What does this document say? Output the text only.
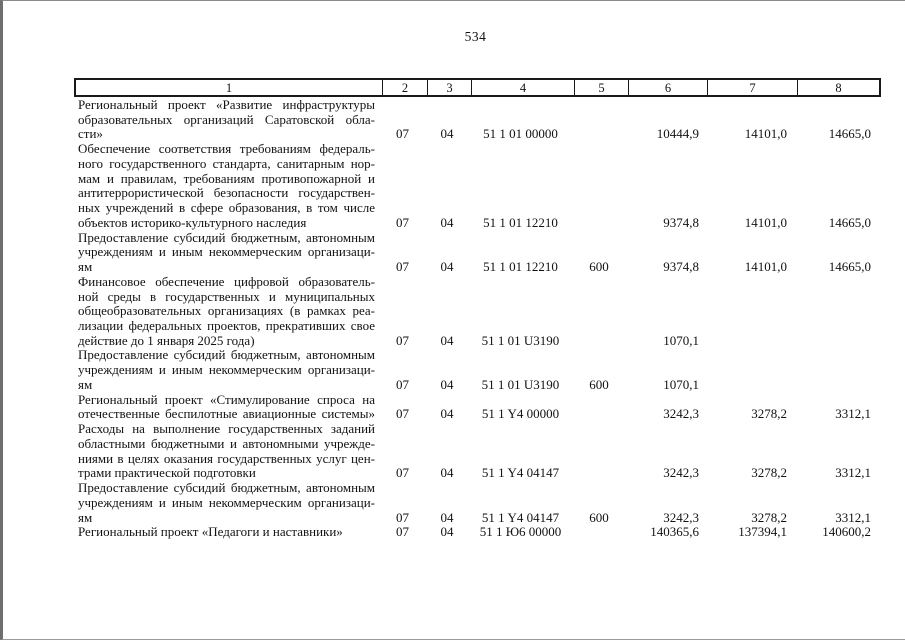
534
1	2	3	4	5	6	7	8
Региональный проект «Развитие инфраструктуры
образовательных организаций Саратовской обла-
сти»	07	04	51 1 01 00000		10444,9	14101,0	14665,0

Обеспечение соответствия требованиям федераль-
ного государственного стандарта, санитарным нор-
мам и правилам, требованиям противопожарной и
антитеррористической безопасности государствен-
ных учреждений в сфере образования, в том числе
объектов историко-культурного наследия	07	04	51 1 01 12210		9374,8	14101,0	14665,0

Предоставление субсидий бюджетным, автономным
учреждениям и иным некоммерческим организаци-
ям	07	04	51 1 01 12210	600	9374,8	14101,0	14665,0

Финансовое обеспечение цифровой образователь-
ной среды в государственных и муниципальных
общеобразовательных организациях (в рамках реа-
лизации федеральных проектов, прекративших свое
действие до 1 января 2025 года)	07	04	51 1 01 U3190		1070,1		

Предоставление субсидий бюджетным, автономным
учреждениям и иным некоммерческим организаци-
ям	07	04	51 1 01 U3190	600	1070,1		

Региональный проект «Стимулирование спроса на
отечественные беспилотные авиационные системы»	07	04	51 1 Y4 00000		3242,3	3278,2	3312,1

Расходы на выполнение государственных заданий
областными бюджетными и автономными учрежде-
ниями в целях оказания государственных услуг цен-
трами практической подготовки	07	04	51 1 Y4 04147		3242,3	3278,2	3312,1

Предоставление субсидий бюджетным, автономным
учреждениям и иным некоммерческим организаци-
ям	07	04	51 1 Y4 04147	600	3242,3	3278,2	3312,1

Региональный проект «Педагоги и наставники»	07	04	51 1 Ю6 00000		140365,6	137394,1	140600,2
